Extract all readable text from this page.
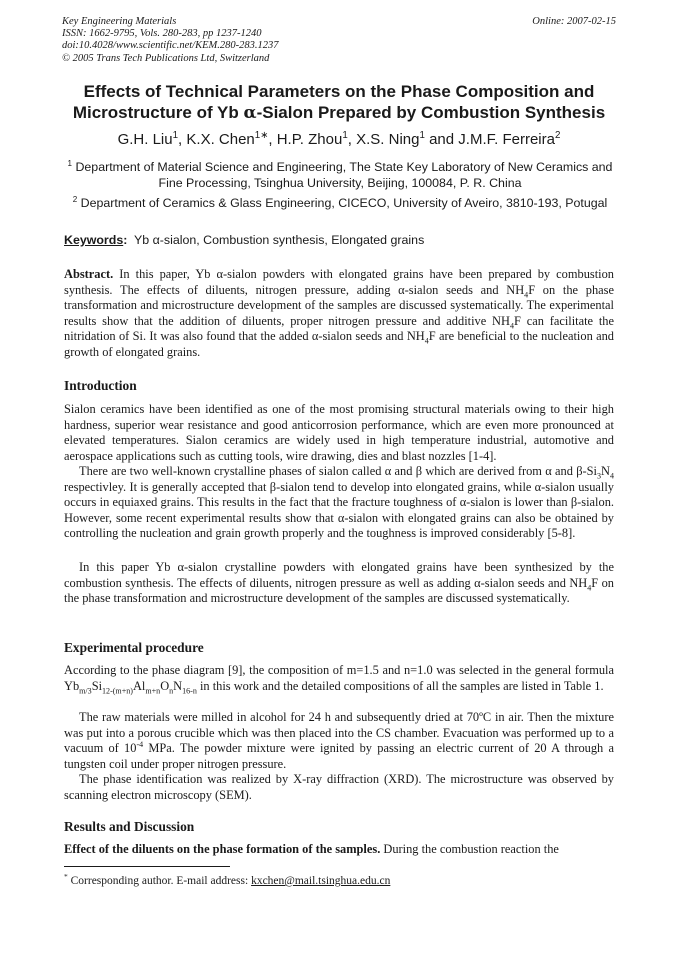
Key Engineering Materials
ISSN: 1662-9795, Vols. 280-283, pp 1237-1240
doi:10.4028/www.scientific.net/KEM.280-283.1237
© 2005 Trans Tech Publications Ltd, Switzerland
Online: 2007-02-15
Effects of Technical Parameters on the Phase Composition and
Microstructure of Yb α-Sialon Prepared by Combustion Synthesis
G.H. Liu$^1$, K.X. Chen$^{1∗}$, H.P. Zhou$^1$, X.S. Ning$^1$ and J.M.F. Ferreira$^2$
$^1$ Department of Material Science and Engineering, The State Key Laboratory of New Ceramics and Fine Processing, Tsinghua University, Beijing, 100084, P. R. China
$^2$ Department of Ceramics & Glass Engineering, CICECO, University of Aveiro, 3810-193, Potugal
Keywords: Yb α-sialon, Combustion synthesis, Elongated grains

Abstract. In this paper, Yb α-sialon powders with elongated grains have been prepared by combustion synthesis. The effects of diluents, nitrogen pressure, adding α-sialon seeds and $NH_4F$ on the phase transformation and microstructure development of the samples are discussed systematically. The experimental results show that the addition of diluents, proper nitrogen pressure and additive $NH_4F$ can facilitate the nitridation of Si. It was also found that the added α-sialon seeds and $NH_4F$ are beneficial to the nucleation and growth of elongated grains.

Introduction

Sialon ceramics have been identified as one of the most promising structural materials owing to their high hardness, superior wear resistance and good anticorrosion performance, which are even more pronounced at elevated temperatures. Sialon ceramics are widely used in high temperature industrial, automotive and aerospace applications such as cutting tools, wire drawing, dies and blast nozzles [1-4].

There are two well-known crystalline phases of sialon called α and β which are derived from α and $\beta-Si_3N_4$ respectivley. It is generally accepted that β-sialon tend to develop into elongated grains, while α-sialon usually occurs in equiaxed grains. This results in the fact that the fracture toughness of α-sialon is lower than β-sialon. However, some recent experimental results show that α-sialon with elongated grains can also be obtained by controlling the nucleation and grain growth properly and the toughness is improved considerably [5-8].

In this paper Yb α-sialon crystalline powders with elongated grains have been synthesized by the combustion synthesis. The effects of diluents, nitrogen pressure as well as adding α-sialon seeds and $NH_4F$ on the phase transformation and microstructure development of the samples are discussed systematically.

Experimental procedure

According to the phase diagram [9], the composition of m=1.5 and n=1.0 was selected in the general formula $Yb_{m/3}Si_{12-(m+n)}Al_{m+n}O_nN_{16-n}$ in this work and the detailed compositions of all the samples are listed in Table 1.

The raw materials were milled in alcohol for 24 h and subsequently dried at 70ºC in air. Then the mixture was put into a porous crucible which was then placed into the CS chamber. Evacuation was performed up to a vacuum of $10^{-4}$ MPa. The powder mixture were ignited by passing an electric current of 20 A through a tungsten coil under proper nitrogen pressure.

The phase identification was realized by X-ray diffraction (XRD). The microstructure was observed by scanning electron microscopy (SEM).

Results and Discussion

Effect of the diluents on the phase formation of the samples. During the combustion reaction the

* Corresponding author. E-mail address: kxchen@mail.tsinghua.edu.cn
